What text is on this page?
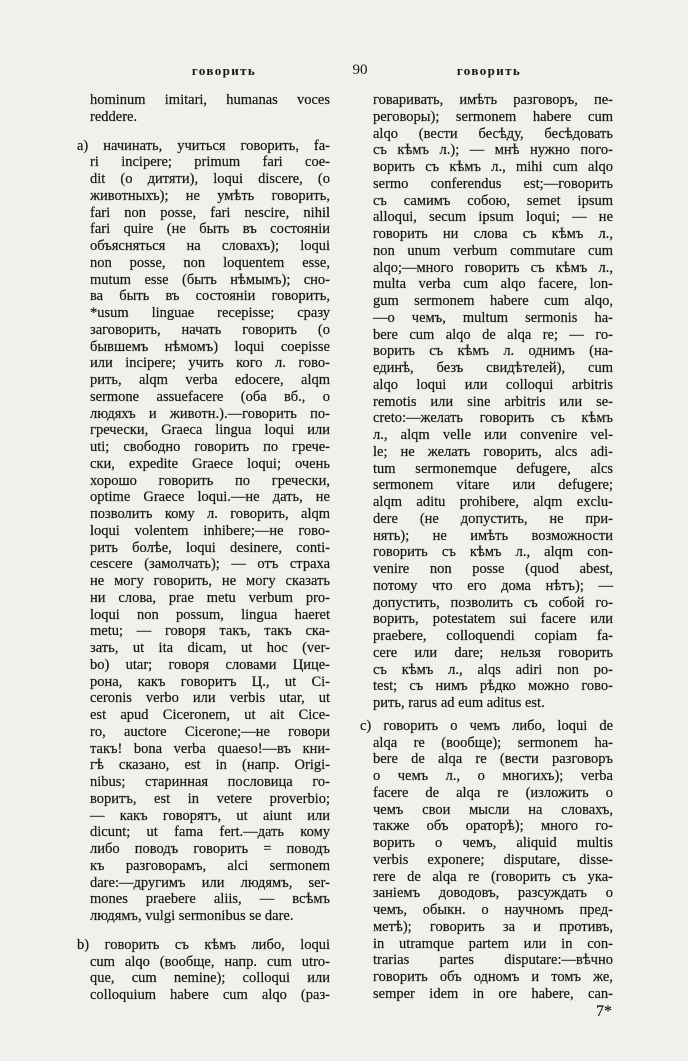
говорить	90	говорить
hominum imitari, humanas voces
reddere.
a) начинать, учиться говорить, fa-
ri incipere; primum fari coe-
dit (о дитяти), loqui discere, (о
животныхъ); не умѣть говорить,
fari non posse, fari nescire, nihil
fari quire (не быть въ состояніи
объясняться на словахъ); loqui
non posse, non loquentem esse,
mutum esse (быть нѣмымъ); сно-
ва быть въ состояніи говорить,
*usum linguae recepisse; сразу
заговорить, начать говорить (о
бывшемъ нѣмомъ) loqui coepisse
или incipere; учить кого л. гово-
рить, alqm verba edocere, alqm
sermone assuefacere (оба вб., о
людяхъ и животн.).—говорить по-
гречески, Graeca lingua loqui или
uti; свободно говорить по грече-
ски, expedite Graece loqui; очень
хорошо говорить по гречески,
optime Graece loqui.—не дать, не
позволить кому л. говорить, alqm
loqui volentem inhibere;—не гово-
рить болѣе, loqui desinere, conti-
cescere (замолчать); — отъ страха
не могу говорить, не могу сказать
ни слова, prae metu verbum pro-
loqui non possum, lingua haeret
metu; — говоря такъ, такъ ска-
зать, ut ita dicam, ut hoc (ver-
bo) utar; говоря словами Цице-
рона, какъ говоритъ Ц., ut Ci-
ceronis verbo или verbis utar, ut
est apud Ciceronem, ut ait Cice-
ro, auctore Cicerone;—не говори
такъ! bona verba quaeso!—въ кни-
гѣ сказано, est in (напр. Origi-
nibus; старинная пословица го-
воритъ, est in vetere proverbio;
— какъ говорятъ, ut aiunt или
dicunt; ut fama fert.—дать кому
либо поводъ говорить = поводъ
къ разговорамъ, alci sermonem
dare:—другимъ или людямъ, ser-
mones praebere aliis, — всѣмъ
людямъ, vulgi sermonibus se dare.
b) говорить съ кѣмъ либо, loqui
cum alqo (вообще, напр. cum utro-
que, cum nemine); colloqui или
colloquium habere cum alqo (раз-
говаривать, имѣть разговоръ, пе-
реговоры); sermonem habere cum
alqo (вести бесѣду, бесѣдовать
съ кѣмъ л.); — мнѣ нужно пого-
ворить съ кѣмъ л., mihi cum alqo
sermo conferendus est;—говорить
съ самимъ собою, semet ipsum
alloqui, secum ipsum loqui; — не
говорить ни слова съ кѣмъ л.,
non unum verbum commutare cum
alqo;—много говорить съ кѣмъ л.,
multa verba cum alqo facere, lon-
gum sermonem habere cum alqo,
—о чемъ, multum sermonis ha-
bere cum alqo de alqa re; — го-
ворить съ кѣмъ л. однимъ (на-
единѣ, безъ свидѣтелей), cum
alqo loqui или colloqui arbitris
remotis или sine arbitris или se-
creto:—желать говорить съ кѣмъ
л., alqm velle или convenire vel-
le; не желать говорить, alcs adi-
tum sermonemque defugere, alcs
sermonem vitare или defugere;
alqm aditu prohibere, alqm exclu-
dere (не допустить, не при-
нять); не имѣть возможности
говорить съ кѣмъ л., alqm con-
venire non posse (quod abest,
потому что его дома нѣтъ); —
допустить, позволить съ собой го-
ворить, potestatem sui facere или
praebere, colloquendi copiam fa-
cere или dare; нельзя говорить
съ кѣмъ л., alqs adiri non po-
test; съ нимъ рѣдко можно гово-
рить, rarus ad eum aditus est.
c) говорить о чемъ либо, loqui de
alqa re (вообще); sermonem ha-
bere de alqa re (вести разговоръ
о чемъ л., о многихъ); verba
facere de alqa re (изложить о
чемъ свои мысли на словахъ,
также объ ораторѣ); много го-
ворить о чемъ, aliquid multis
verbis exponere; disputare, disse-
rere de alqa re (говорить съ ука-
заніемъ доводовъ, разсуждать о
чемъ, обыкн. о научномъ пред-
метѣ); говорить за и противъ,
in utramque partem или in con-
trarias partes disputare:—вѣчно
говорить объ одномъ и томъ же,
semper idem in ore habere, can-
7*
